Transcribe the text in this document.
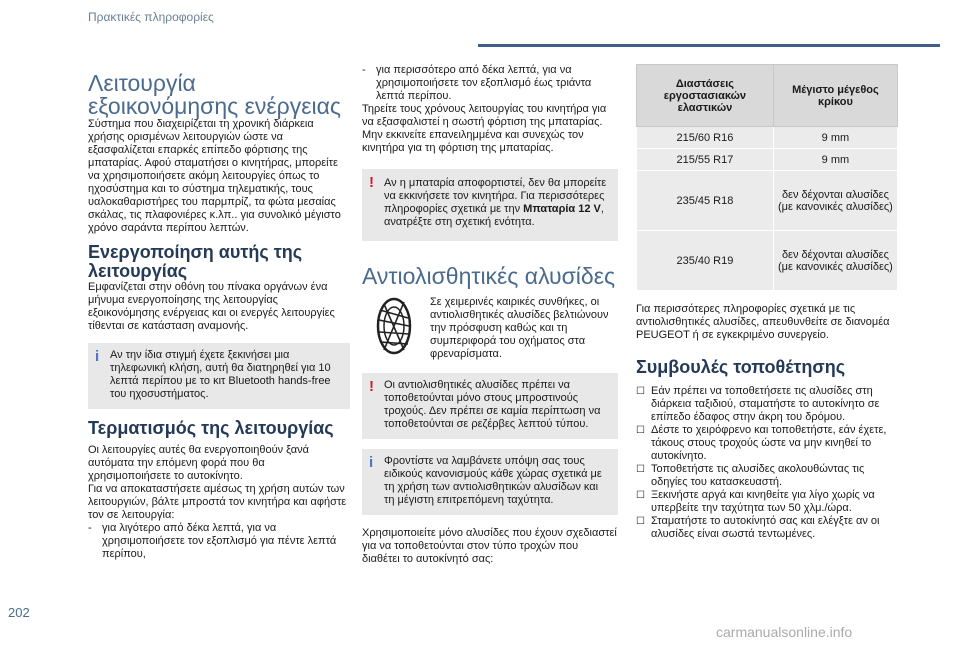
Πρακτικές πληροφορίες
Λειτουργία εξοικονόμησης ενέργειας

Σύστημα που διαχειρίζεται τη χρονική διάρκεια χρήσης ορισμένων λειτουργιών ώστε να εξασφαλίζεται επαρκές επίπεδο φόρτισης της μπαταρίας. Αφού σταματήσει ο κινητήρας, μπορείτε να χρησιμοποιήσετε ακόμη λειτουργίες όπως το ηχοσύστημα και το σύστημα τηλεματικής, τους υαλοκαθαριστήρες του παρμπρίζ, τα φώτα μεσαίας σκάλας, τις πλαφονιέρες κ.λπ.. για συνολικό μέγιστο χρόνο σαράντα περίπου λεπτών.

Ενεργοποίηση αυτής της λειτουργίας

Εμφανίζεται στην οθόνη του πίνακα οργάνων ένα μήνυμα ενεργοποίησης της λειτουργίας εξοικονόμησης ενέργειας και οι ενεργές λειτουργίες τίθενται σε κατάσταση αναμονής.

i Αν την ίδια στιγμή έχετε ξεκινήσει μια τηλεφωνική κλήση, αυτή θα διατηρηθεί για 10 λεπτά περίπου με το κιτ Bluetooth hands-free του ηχοσυστήματος.
Τερματισμός της λειτουργίας

Οι λειτουργίες αυτές θα ενεργοποιηθούν ξανά αυτόματα την επόμενη φορά που θα χρησιμοποιήσετε το αυτοκίνητο.

Για να αποκαταστήσετε αμέσως τη χρήση αυτών των λειτουργιών, βάλτε μπροστά τον κινητήρα και αφήστε τον σε λειτουργία:

- για λιγότερο από δέκα λεπτά, για να χρησιμοποιήσετε τον εξοπλισμό για πέντε λεπτά περίπου,
- για περισσότερο από δέκα λεπτά, για να χρησιμοποιήσετε τον εξοπλισμό έως τριάντα λεπτά περίπου.

Τηρείτε τους χρόνους λειτουργίας του κινητήρα για να εξασφαλιστεί η σωστή φόρτιση της μπαταρίας. Μην εκκινείτε επανειλημμένα και συνεχώς τον κινητήρα για τη φόρτιση της μπαταρίας.

! Αν η μπαταρία αποφορτιστεί, δεν θα μπορείτε να εκκινήσετε τον κινητήρα. Για περισσότερες πληροφορίες σχετικά με την Μπαταρία 12 V, ανατρέξτε στη σχετική ενότητα.
Αντιολισθητικές αλυσίδες

Σε χειμερινές καιρικές συνθήκες, οι αντιολισθητικές αλυσίδες βελτιώνουν την πρόσφυση καθώς και τη συμπεριφορά του οχήματος στα φρεναρίσματα.

! Οι αντιολισθητικές αλυσίδες πρέπει να τοποθετούνται μόνο στους μπροστινούς τροχούς. Δεν πρέπει σε καμία περίπτωση να τοποθετούνται σε ρεζέρβες λεπτού τύπου.
i Φροντίστε να λαμβάνετε υπόψη σας τους ειδικούς κανονισμούς κάθε χώρας σχετικά με τη χρήση των αντιολισθητικών αλυσίδων και τη μέγιστη επιτρεπόμενη ταχύτητα.

Χρησιμοποιείτε μόνο αλυσίδες που έχουν σχεδιαστεί για να τοποθετούνται στον τύπο τροχών που διαθέτει το αυτοκίνητό σας:

Διαστάσεις εργοστασιακών ελαστικών	Μέγιστο μέγεθος κρίκου
215/60 R16	9 mm
215/55 R17	9 mm
235/45 R18	δεν δέχονται αλυσίδες (με κανονικές αλυσίδες)
235/40 R19	δεν δέχονται αλυσίδες (με κανονικές αλυσίδες)

Για περισσότερες πληροφορίες σχετικά με τις αντιολισθητικές αλυσίδες, απευθυνθείτε σε διανομέα PEUGEOT ή σε εγκεκριμένο συνεργείο.

Συμβουλές τοποθέτησης
☐ Εάν πρέπει να τοποθετήσετε τις αλυσίδες στη διάρκεια ταξιδιού, σταματήστε το αυτοκίνητο σε επίπεδο έδαφος στην άκρη του δρόμου.
☐ Δέστε το χειρόφρενο και τοποθετήστε, εάν έχετε, τάκους στους τροχούς ώστε να μην κινηθεί το αυτοκίνητο.
☐ Τοποθετήστε τις αλυσίδες ακολουθώντας τις οδηγίες του κατασκευαστή.
☐ Ξεκινήστε αργά και κινηθείτε για λίγο χωρίς να υπερβείτε την ταχύτητα των 50 χλμ./ώρα.
☐ Σταματήστε το αυτοκίνητό σας και ελέγξτε αν οι αλυσίδες είναι σωστά τεντωμένες.
202
carmanualsonline.info
